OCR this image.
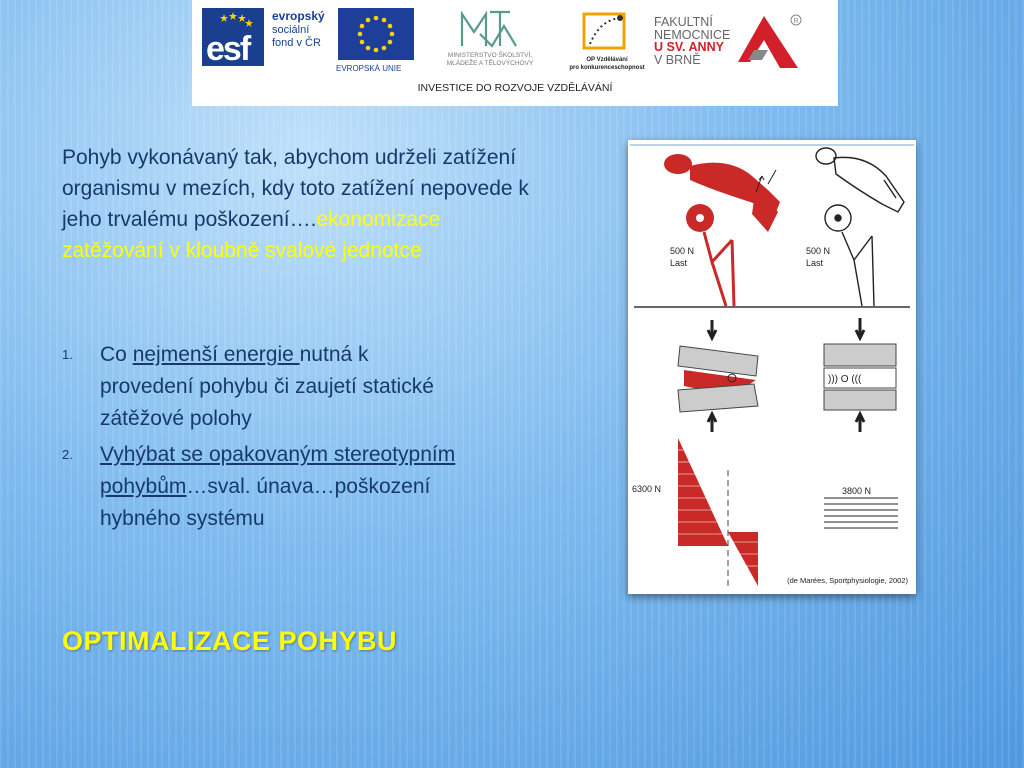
esf
evropský
sociální
fond v ČR
EVROPSKÁ UNIE
MINISTERSTVO ŠKOLSTVÍ,
MLÁDEŽE A TĚLOVÝCHOVY	OP Vzdělávání
pro konkurenceschopnost
FAKULTNÍ
NEMOCNICE
U SV. ANNY
V BRNĚ
R
INVESTICE DO ROZVOJE VZDĚLÁVÁNÍ
Pohyb vykonávaný tak, abychom udrželi zatížení organismu v mezích, kdy toto zatížení nepovede k jeho trvalému poškození….ekonomizace zatěžování v kloubně svalové jednotce
1. Co nejmenší energie nutná k provedení pohybu či zaujetí statické zátěžové polohy
2. Vyhýbat se opakovaným stereotypním pohybům…sval. únava…poškození hybného systému
OPTIMALIZACE POHYBU
500 N
Last
500 N
Last
))) O (((
6300 N	3800 N
(de Marées, Sportphysiologie, 2002)
